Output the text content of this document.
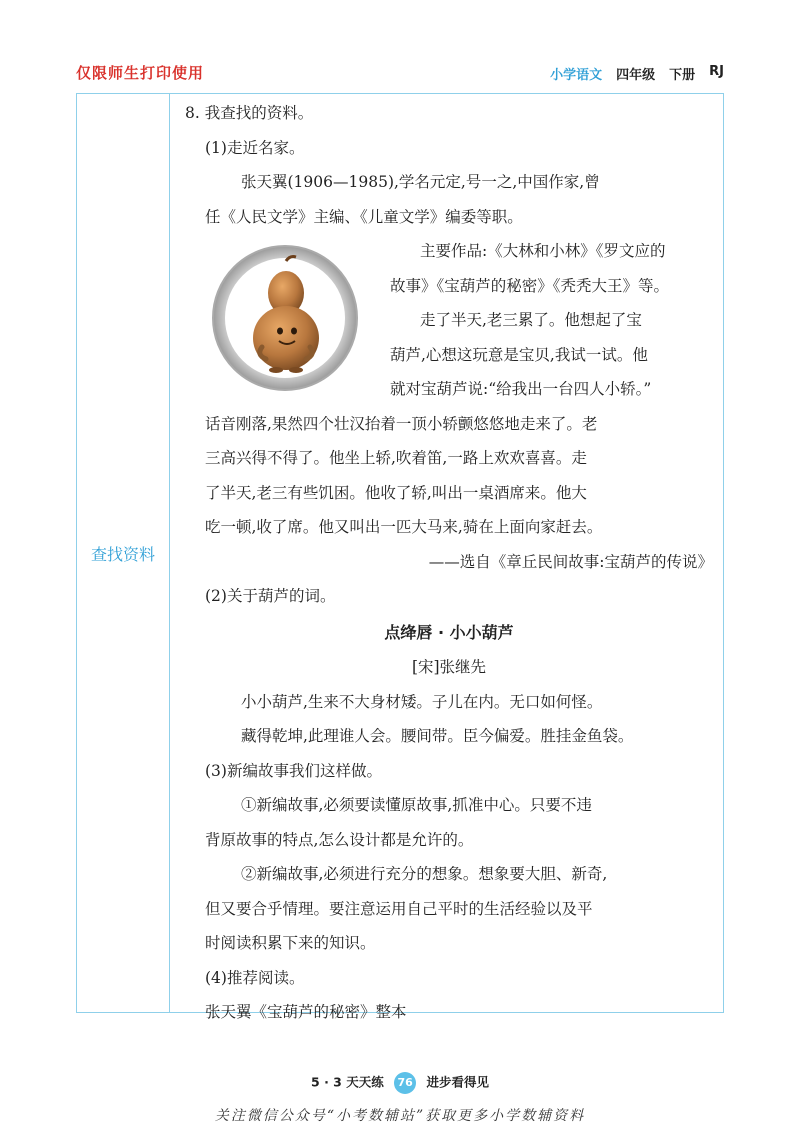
仅限师生打印使用	小学语文 四年级 下册 RJ
查找资料
8. 我查找的资料。
(1)走近名家。
张天翼(1906—1985),学名元定,号一之,中国作家,曾
任《人民文学》主编、《儿童文学》编委等职。
主要作品:《大林和小林》《罗文应的
故事》《宝葫芦的秘密》《秃秃大王》等。
走了半天,老三累了。他想起了宝
葫芦,心想这玩意是宝贝,我试一试。他
就对宝葫芦说:“给我出一台四人小轿。”
话音刚落,果然四个壮汉抬着一顶小轿颤悠悠地走来了。老
三高兴得不得了。他坐上轿,吹着笛,一路上欢欢喜喜。走
了半天,老三有些饥困。他收了轿,叫出一桌酒席来。他大
吃一顿,收了席。他又叫出一匹大马来,骑在上面向家赶去。
——选自《章丘民间故事:宝葫芦的传说》
(2)关于葫芦的词。
点绛唇 · 小小葫芦
[宋]张继先
小小葫芦,生来不大身材矮。子儿在内。无口如何怪。
藏得乾坤,此理谁人会。腰间带。臣今偏爱。胜挂金鱼袋。
(3)新编故事我们这样做。
①新编故事,必须要读懂原故事,抓准中心。只要不违
背原故事的特点,怎么设计都是允许的。
②新编故事,必须进行充分的想象。想象要大胆、新奇,
但又要合乎情理。要注意运用自己平时的生活经验以及平
时阅读积累下来的知识。
(4)推荐阅读。
张天翼《宝葫芦的秘密》整本
5 · 3 天天练 76 进步看得见
关注微信公众号“小考数辅站”获取更多小学数辅资料
